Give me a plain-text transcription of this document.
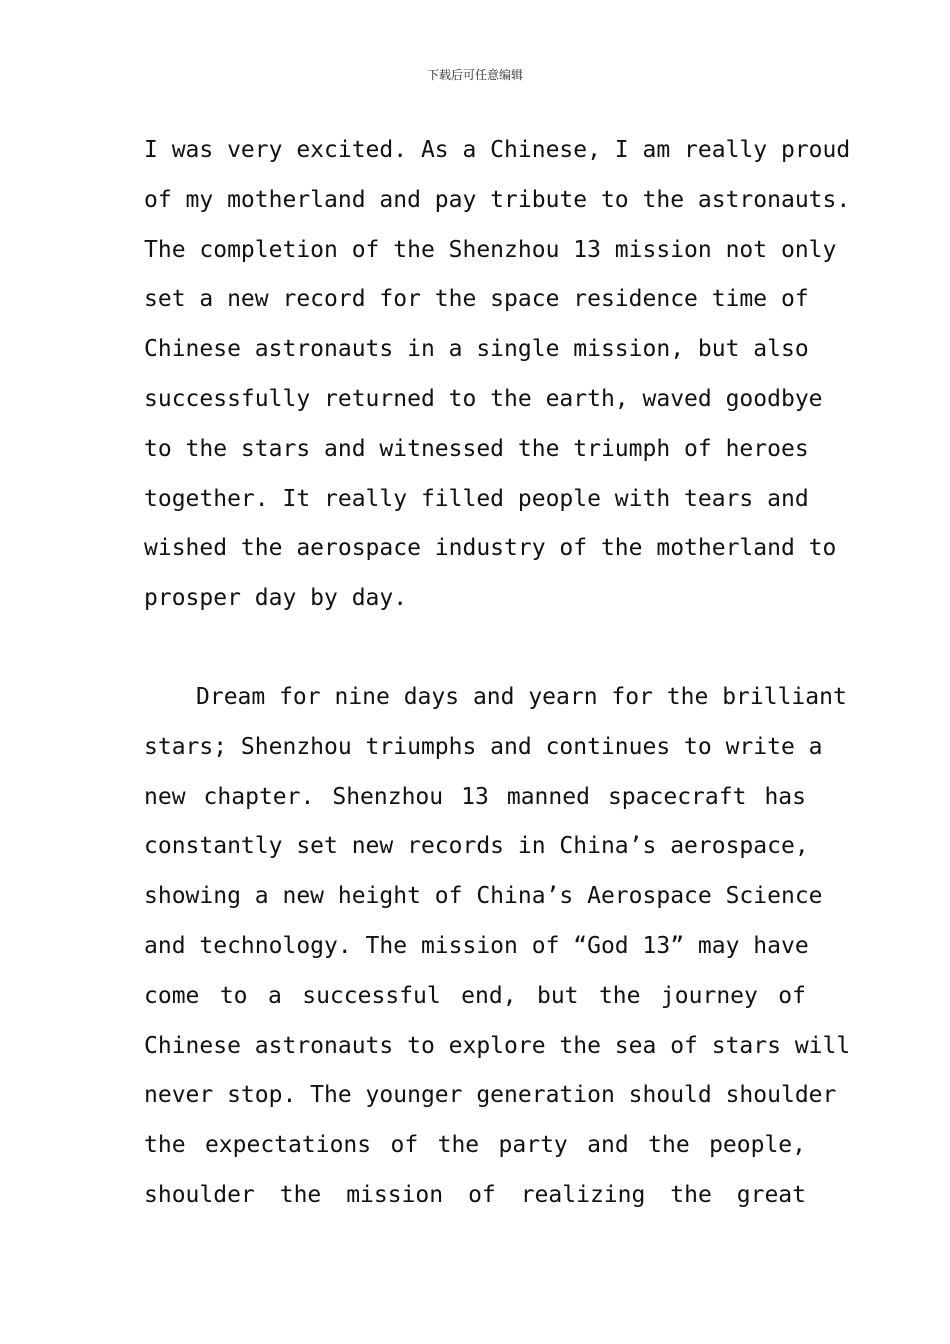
下载后可任意编辑

I was very excited. As a Chinese, I am really proud
of my motherland and pay tribute to the astronauts.
The completion of the Shenzhou 13 mission not only
set a new record for the space residence time of
Chinese astronauts in a single mission, but also
successfully returned to the earth, waved goodbye
to the stars and witnessed the triumph of heroes
together. It really filled people with tears and
wished the aerospace industry of the motherland to
prosper day by day.
Dream for nine days and yearn for the brilliant
stars; Shenzhou triumphs and continues to write a
new chapter. Shenzhou 13 manned spacecraft has
constantly set new records in China’s aerospace,
showing a new height of China’s Aerospace Science
and technology. The mission of “God 13” may have
come to a successful end, but the journey of
Chinese astronauts to explore the sea of stars will
never stop. The younger generation should shoulder
the expectations of the party and the people,
shoulder the mission of realizing the great
